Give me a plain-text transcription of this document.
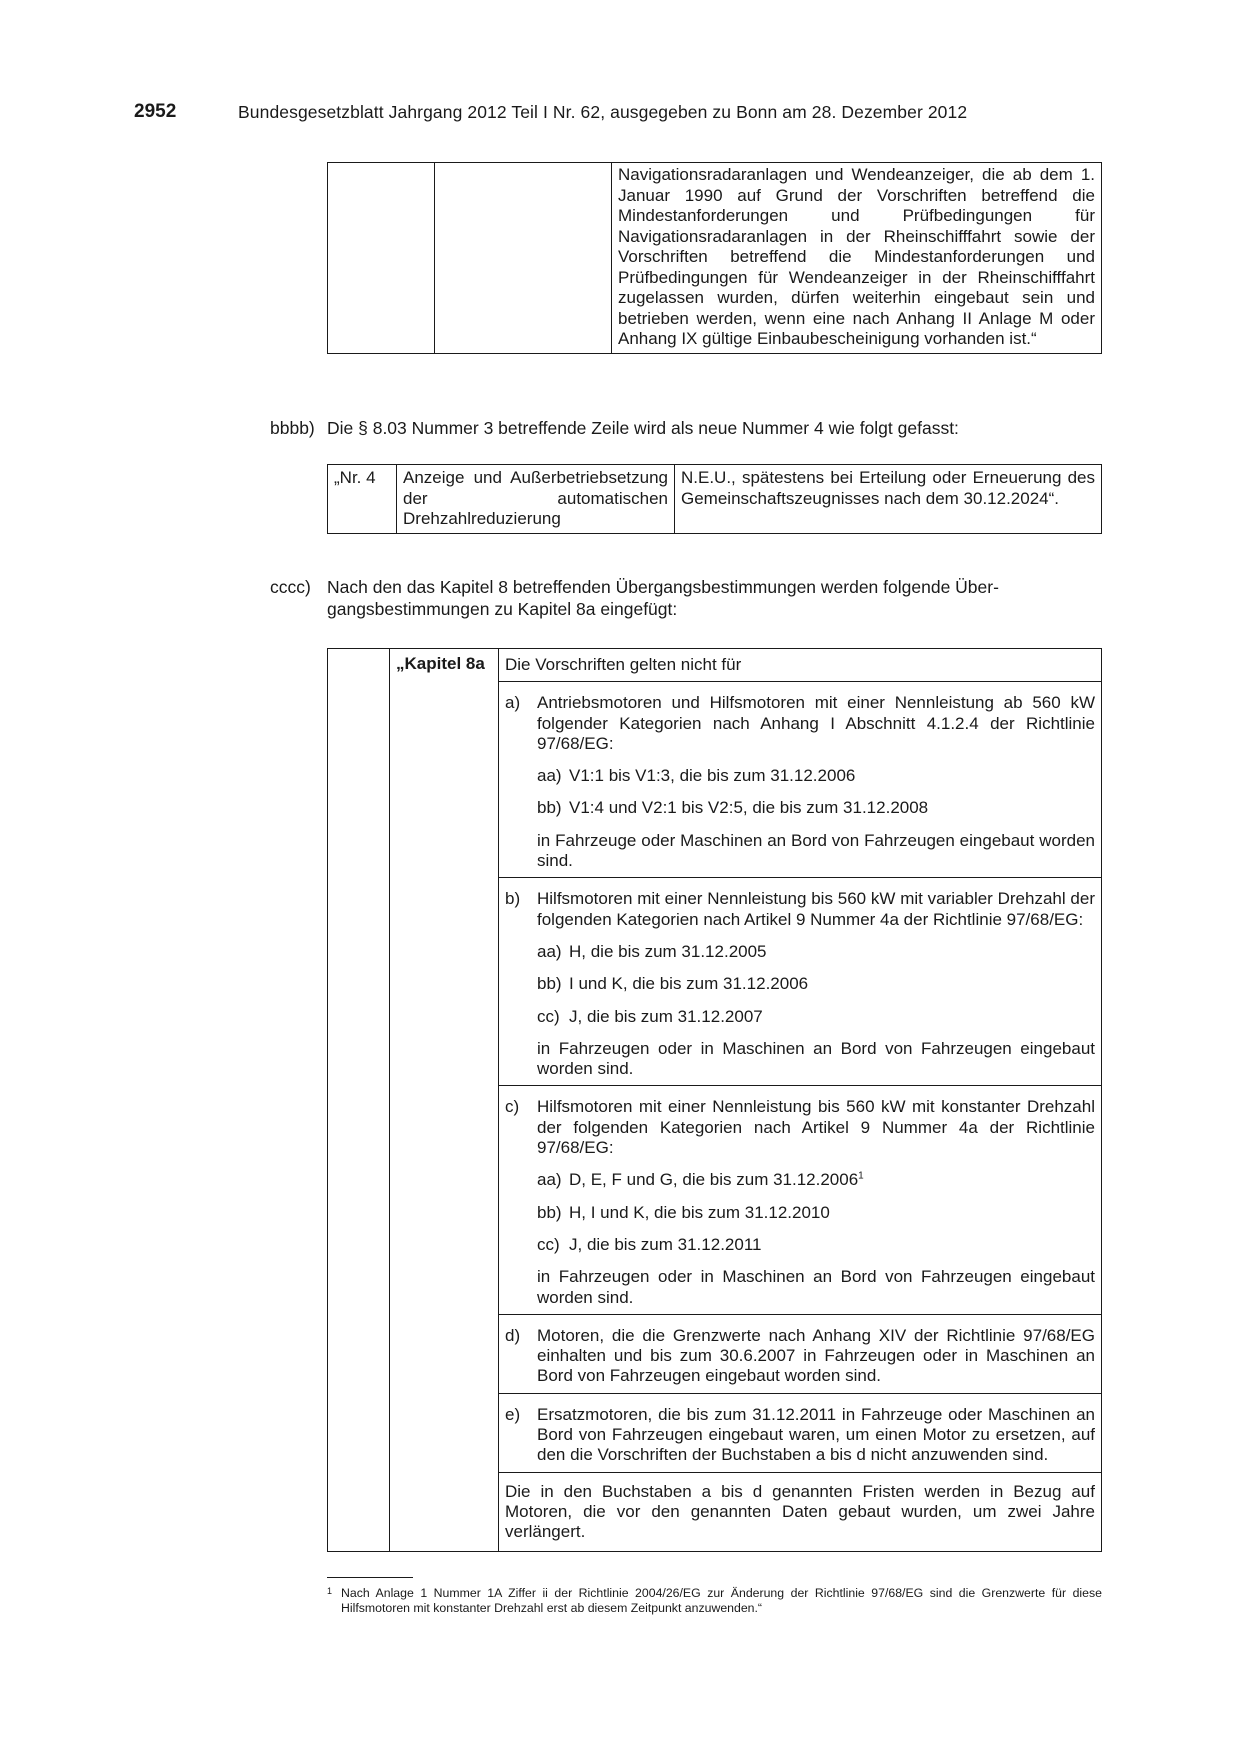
2952	Bundesgesetzblatt Jahrgang 2012 Teil I Nr. 62, ausgegeben zu Bonn am 28. Dezember 2012
		Navigationsradaranlagen und Wendeanzeiger, die ab dem 1. Januar 1990 auf Grund der Vorschriften betreffend die Mindestanforderungen und Prüfbedingungen für Navigationsradaranlagen in der Rheinschifffahrt sowie der Vorschriften betreffend die Mindestanforderungen und Prüfbedingungen für Wendeanzeiger in der Rheinschifffahrt zugelassen wurden, dürfen weiterhin eingebaut sein und betrieben werden, wenn eine nach Anhang II Anlage M oder Anhang IX gültige Einbaubescheinigung vorhanden ist.“
bbbb) Die § 8.03 Nummer 3 betreffende Zeile wird als neue Nummer 4 wie folgt gefasst:
„Nr. 4	Anzeige und Außerbetriebsetzung der automatischen Drehzahlreduzierung	N.E.U., spätestens bei Erteilung oder Erneuerung des Gemeinschaftszeugnisses nach dem 30.12.2024“.
cccc) Nach den das Kapitel 8 betreffenden Übergangsbestimmungen werden folgende Über-
gangsbestimmungen zu Kapitel 8a eingefügt:
	„Kapitel 8a	Die Vorschriften gelten nicht für

a) Antriebsmotoren und Hilfsmotoren mit einer Nennleistung ab 560 kW folgender Kategorien nach Anhang I Abschnitt 4.1.2.4 der Richtlinie 97/68/EG:
aa) V1:1 bis V1:3, die bis zum 31.12.2006
bb) V1:4 und V2:1 bis V2:5, die bis zum 31.12.2008
in Fahrzeuge oder Maschinen an Bord von Fahrzeugen eingebaut worden sind.
b) Hilfsmotoren mit einer Nennleistung bis 560 kW mit variabler Drehzahl der folgenden Kategorien nach Artikel 9 Nummer 4a der Richtlinie 97/68/EG:
aa) H, die bis zum 31.12.2005
bb) I und K, die bis zum 31.12.2006
cc) J, die bis zum 31.12.2007
in Fahrzeugen oder in Maschinen an Bord von Fahrzeugen eingebaut worden sind.
c) Hilfsmotoren mit einer Nennleistung bis 560 kW mit konstanter Drehzahl der folgenden Kategorien nach Artikel 9 Nummer 4a der Richtlinie 97/68/EG:
aa) D, E, F und G, die bis zum 31.12.2006$^1$
bb) H, I und K, die bis zum 31.12.2010
cc) J, die bis zum 31.12.2011
in Fahrzeugen oder in Maschinen an Bord von Fahrzeugen eingebaut worden sind.
d) Motoren, die die Grenzwerte nach Anhang XIV der Richtlinie 97/68/EG einhalten und bis zum 30.6.2007 in Fahrzeugen oder in Maschinen an Bord von Fahrzeugen eingebaut worden sind.
e) Ersatzmotoren, die bis zum 31.12.2011 in Fahrzeuge oder Maschinen an Bord von Fahrzeugen eingebaut waren, um einen Motor zu ersetzen, auf den die Vorschriften der Buchstaben a bis d nicht anzuwenden sind.

Die in den Buchstaben a bis d genannten Fristen werden in Bezug auf Motoren, die vor den genannten Daten gebaut wurden, um zwei Jahre verlängert.

1 Nach Anlage 1 Nummer 1A Ziffer ii der Richtlinie 2004/26/EG zur Änderung der Richtlinie 97/68/EG sind die Grenzwerte für diese Hilfsmotoren mit konstanter Drehzahl erst ab diesem Zeitpunkt anzuwenden.“
